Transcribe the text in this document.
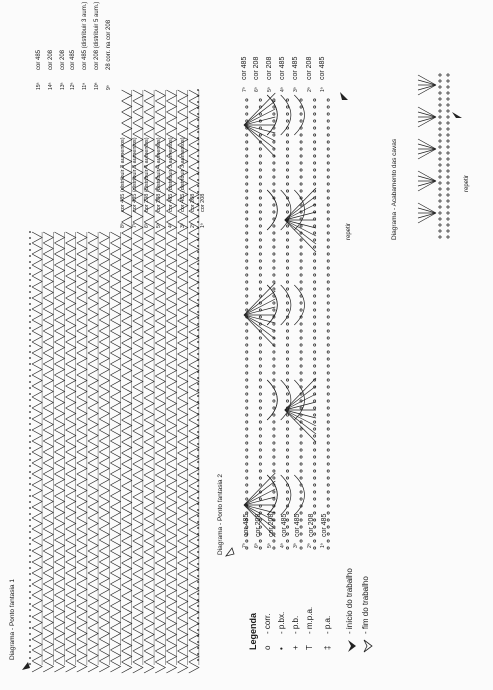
Diagrama - Ponto fantasia 1
15ª
cor 485
14ª
cor 208
13ª
cor 208
12ª
cor 485
11ª
cor 485 (distribuir 3 aum.)
10ª
cor 208 (distribuir 5 aum.)
9ª
28 corr. na cor 208
8ª
cor 485 (distribuir 3 aumentos)
7ª
cor 485 (distribuir 3 aumentos)
6ª
cor 208 (distribuir 4 aumentos)
5ª
cor 208 (distribuir 4 aumentos)
4ª
cor 485 (distribuir 3 aumentos)
3ª
cor 485 (distribuir 3 aumentos)
2ª
cor 208
1ª
cor 208
Diagrama - Ponto fantasia 2
repetir
7ª
cor 485
7ª
cor 485
6ª
cor 208
6ª
cor 208
5ª
cor 208
5ª
cor 208
4ª
cor 485
4ª
cor 485
3ª
cor 485
3ª
cor 485
2ª
cor 208
2ª
cor 208
1ª
cor 485
1ª
cor 485
Diagrama - Acabamento das cavas	repetir
Legenda o
- corr.
•
- p.bx.
+
- p.b.
T
- m.p.a.
‡
- p.a. - início do trabalho - fim do trabalho
